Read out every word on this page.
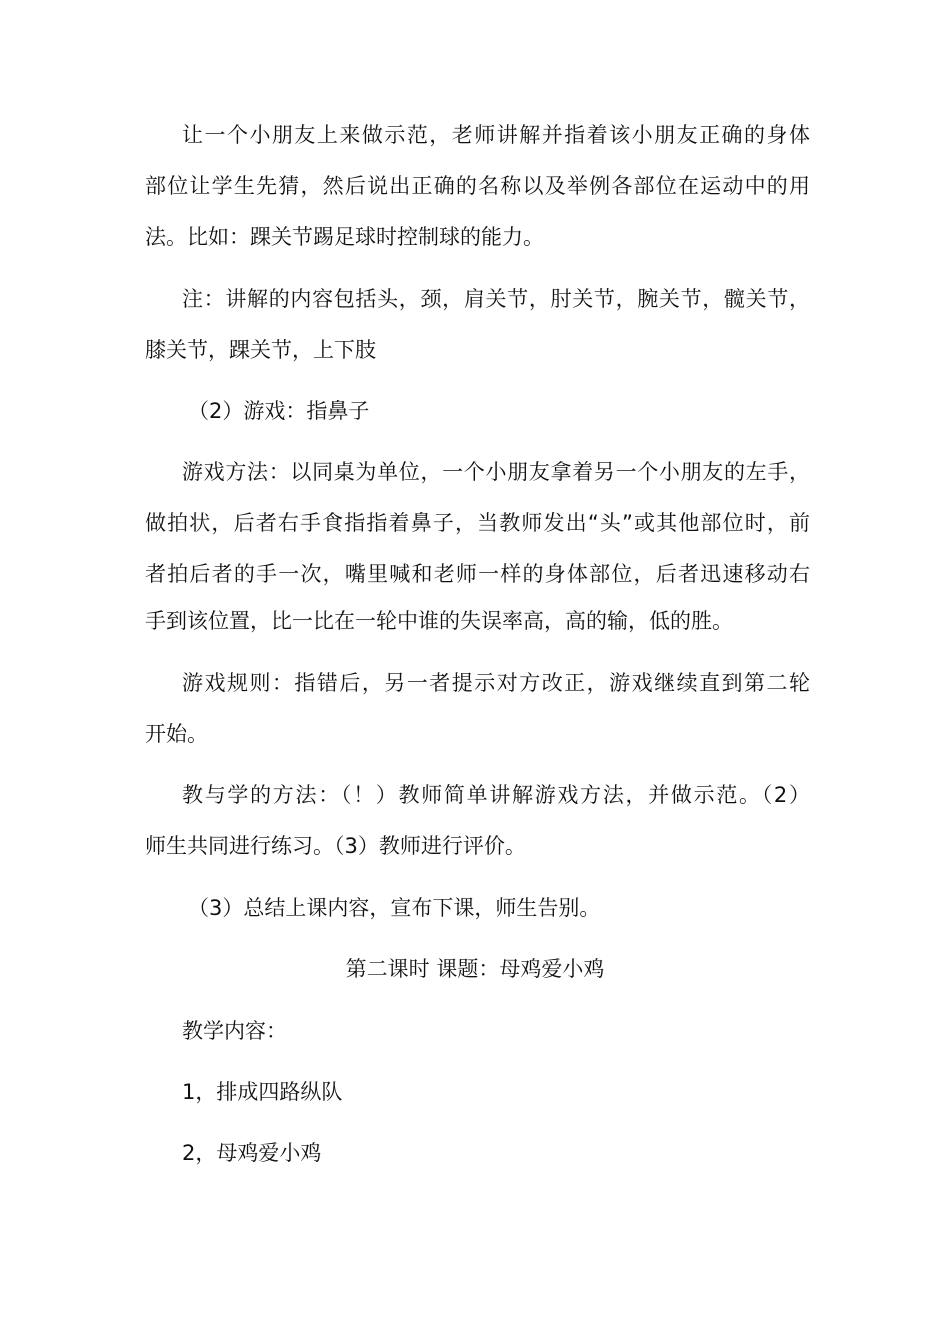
让一个小朋友上来做示范，老师讲解并指着该小朋友正确的身体
部位让学生先猜，然后说出正确的名称以及举例各部位在运动中的用
法。比如：踝关节踢足球时控制球的能力。
注：讲解的内容包括头，颈，肩关节，肘关节，腕关节，髋关节，
膝关节，踝关节，上下肢
（2）游戏：指鼻子
游戏方法：以同桌为单位，一个小朋友拿着另一个小朋友的左手，
做拍状，后者右手食指指着鼻子，当教师发出“头”或其他部位时，前
者拍后者的手一次，嘴里喊和老师一样的身体部位，后者迅速移动右
手到该位置，比一比在一轮中谁的失误率高，高的输，低的胜。
游戏规则：指错后，另一者提示对方改正，游戏继续直到第二轮
开始。
教与学的方法：（！）教师简单讲解游戏方法，并做示范。（2）
师生共同进行练习。（3）教师进行评价。
（3）总结上课内容，宣布下课，师生告别。
第二课时 课题：母鸡爱小鸡
教学内容：
1，排成四路纵队
2，母鸡爱小鸡
